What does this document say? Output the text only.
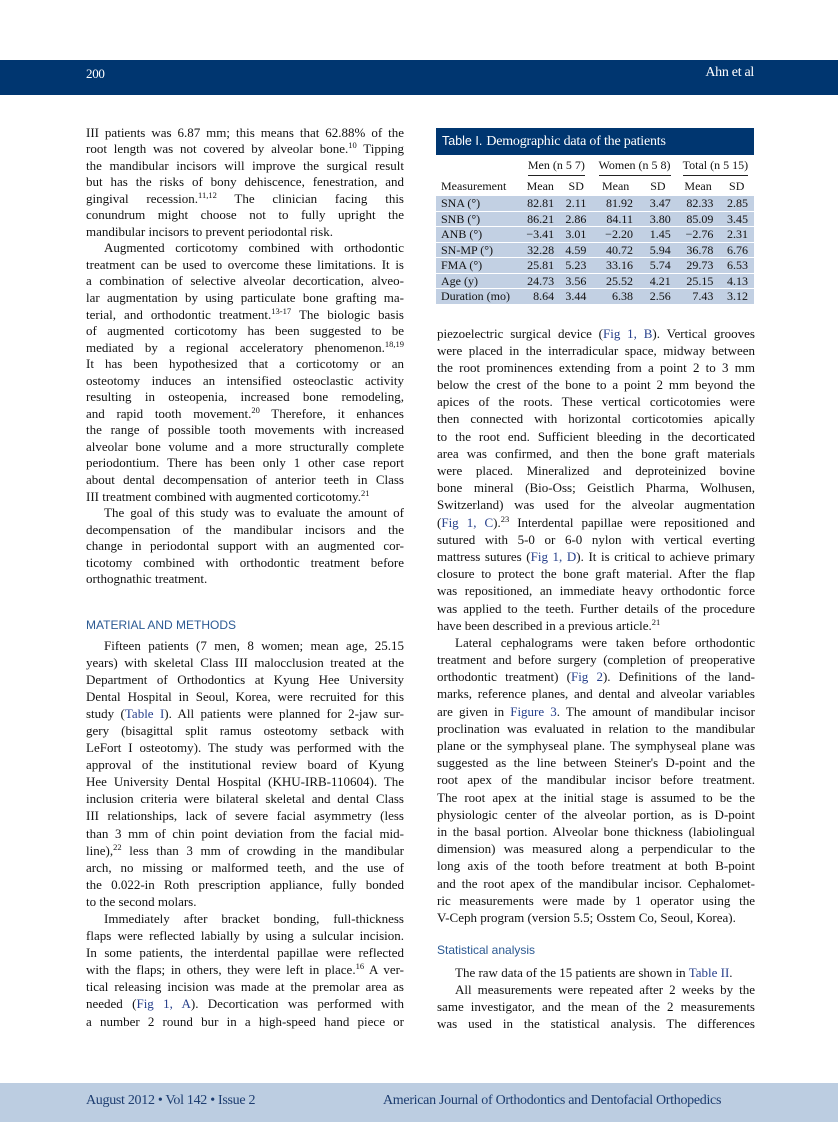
200	Ahn et al
III patients was 6.87 mm; this means that 62.88% of the
root length was not covered by alveolar bone.$^{10}$ Tipping
the mandibular incisors will improve the surgical result
but has the risks of bony dehiscence, fenestration, and
gingival recession.$^{11,12}$ The clinician facing this
conundrum might choose not to fully upright the
mandibular incisors to prevent periodontal risk.
Augmented corticotomy combined with orthodontic
treatment can be used to overcome these limitations. It is
a combination of selective alveolar decortication, alveo-
lar augmentation by using particulate bone grafting ma-
terial, and orthodontic treatment.$^{13-17}$ The biologic basis
of augmented corticotomy has been suggested to be
mediated by a regional acceleratory phenomenon.$^{18,19}$
It has been hypothesized that a corticotomy or an
osteotomy induces an intensified osteoclastic activity
resulting in osteopenia, increased bone remodeling,
and rapid tooth movement.$^{20}$ Therefore, it enhances
the range of possible tooth movements with increased
alveolar bone volume and a more structurally complete
periodontium. There has been only 1 other case report
about dental decompensation of anterior teeth in Class
III treatment combined with augmented corticotomy.$^{21}$
The goal of this study was to evaluate the amount of
decompensation of the mandibular incisors and the
change in periodontal support with an augmented cor-
ticotomy combined with orthodontic treatment before
orthognathic treatment.
MATERIAL AND METHODS
Fifteen patients (7 men, 8 women; mean age, 25.15
years) with skeletal Class III malocclusion treated at the
Department of Orthodontics at Kyung Hee University
Dental Hospital in Seoul, Korea, were recruited for this
study (Table I). All patients were planned for 2-jaw sur-
gery (bisagittal split ramus osteotomy setback with
LeFort I osteotomy). The study was performed with the
approval of the institutional review board of Kyung
Hee University Dental Hospital (KHU-IRB-110604). The
inclusion criteria were bilateral skeletal and dental Class
III relationships, lack of severe facial asymmetry (less
than 3 mm of chin point deviation from the facial mid-
line),$^{22}$ less than 3 mm of crowding in the mandibular
arch, no missing or malformed teeth, and the use of
the 0.022-in Roth prescription appliance, fully bonded
to the second molars.
Immediately after bracket bonding, full-thickness
flaps were reflected labially by using a sulcular incision.
In some patients, the interdental papillae were reflected
with the flaps; in others, they were left in place.$^{16}$ A ver-
tical releasing incision was made at the premolar area as
needed (Fig 1, A). Decortication was performed with
a number 2 round bur in a high-speed hand piece or
Table I. Demographic data of the patients
	Men (n 5 7)		Women (n 5 8)		Total (n 5 15)	
Measurement	Mean	SD	Mean	SD	Mean	SD
SNA (°)	82.81	2.11	81.92	3.47	82.33	2.85
SNB (°)	86.21	2.86	84.11	3.80	85.09	3.45
ANB (°)	−3.41	3.01	−2.20	1.45	−2.76	2.31
SN-MP (°)	32.28	4.59	40.72	5.94	36.78	6.76
FMA (°)	25.81	5.23	33.16	5.74	29.73	6.53
Age (y)	24.73	3.56	25.52	4.21	25.15	4.13
Duration (mo)	8.64	3.44	6.38	2.56	7.43	3.12
piezoelectric surgical device (Fig 1, B). Vertical grooves
were placed in the interradicular space, midway between
the root prominences extending from a point 2 to 3 mm
below the crest of the bone to a point 2 mm beyond the
apices of the roots. These vertical corticotomies were
then connected with horizontal corticotomies apically
to the root end. Sufficient bleeding in the decorticated
area was confirmed, and then the bone graft materials
were placed. Mineralized and deproteinized bovine
bone mineral (Bio-Oss; Geistlich Pharma, Wolhusen,
Switzerland) was used for the alveolar augmentation
(Fig 1, C).$^{23}$ Interdental papillae were repositioned and
sutured with 5-0 or 6-0 nylon with vertical everting
mattress sutures (Fig 1, D). It is critical to achieve primary
closure to protect the bone graft material. After the flap
was repositioned, an immediate heavy orthodontic force
was applied to the teeth. Further details of the procedure
have been described in a previous article.$^{21}$
Lateral cephalograms were taken before orthodontic
treatment and before surgery (completion of preoperative
orthodontic treatment) (Fig 2). Definitions of the land-
marks, reference planes, and dental and alveolar variables
are given in Figure 3. The amount of mandibular incisor
proclination was evaluated in relation to the mandibular
plane or the symphyseal plane. The symphyseal plane was
suggested as the line between Steiner's D-point and the
root apex of the mandibular incisor before treatment.
The root apex at the initial stage is assumed to be the
physiologic center of the alveolar portion, as is D-point
in the basal portion. Alveolar bone thickness (labiolingual
dimension) was measured along a perpendicular to the
long axis of the tooth before treatment at both B-point
and the root apex of the mandibular incisor. Cephalomet-
ric measurements were made by 1 operator using the
V-Ceph program (version 5.5; Osstem Co, Seoul, Korea).
Statistical analysis
The raw data of the 15 patients are shown in Table II.
All measurements were repeated after 2 weeks by the
same investigator, and the mean of the 2 measurements
was used in the statistical analysis. The differences
August 2012 • Vol 142 • Issue 2	American Journal of Orthodontics and Dentofacial Orthopedics
